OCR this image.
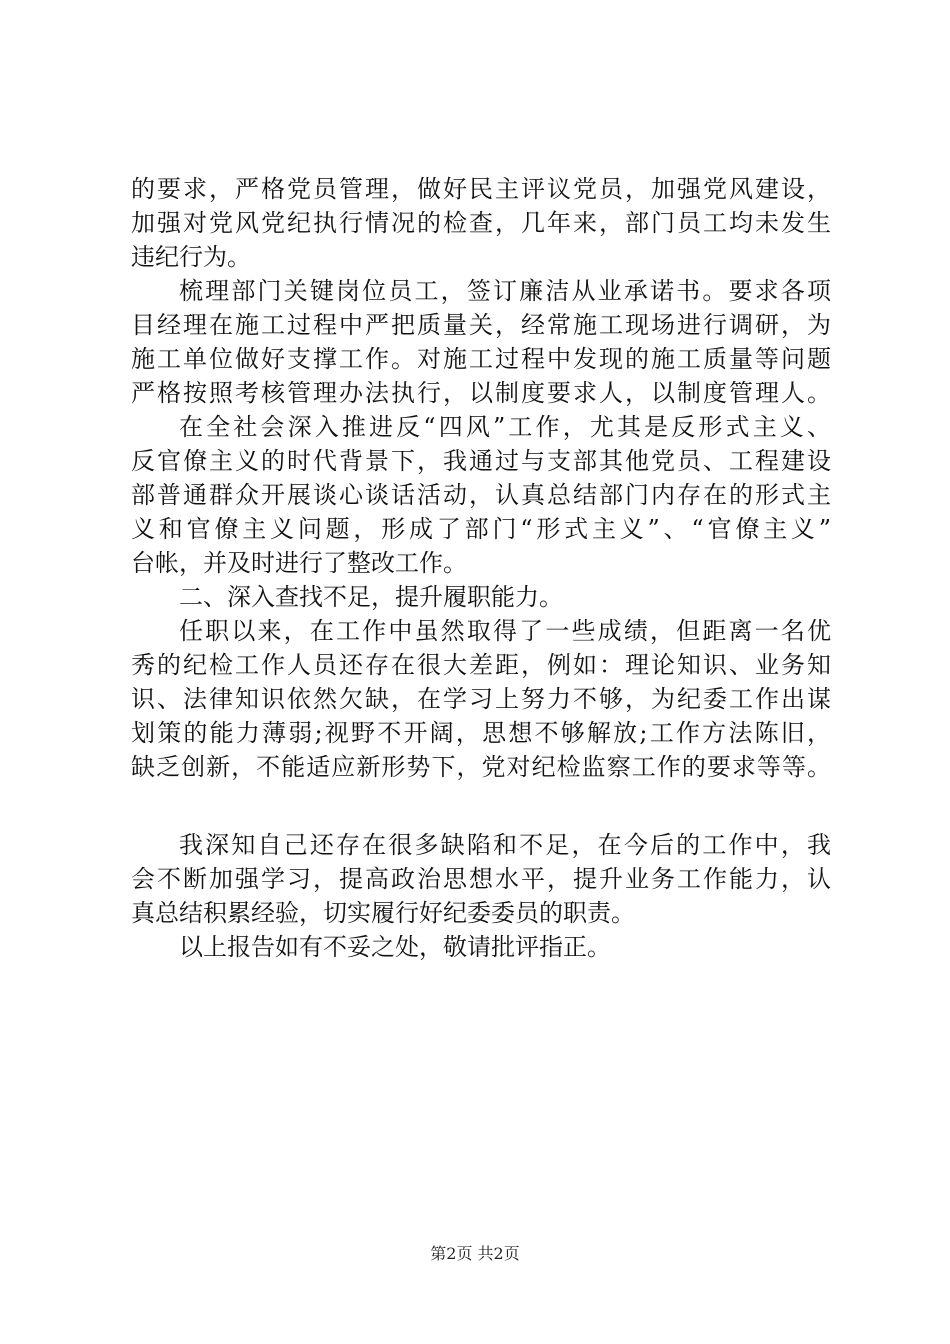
的要求，严格党员管理，做好民主评议党员，加强党风建设，
加强对党风党纪执行情况的检查，几年来，部门员工均未发生
违纪行为。
梳理部门关键岗位员工，签订廉洁从业承诺书。要求各项
目经理在施工过程中严把质量关，经常施工现场进行调研，为
施工单位做好支撑工作。对施工过程中发现的施工质量等问题
严格按照考核管理办法执行，以制度要求人，以制度管理人。
在全社会深入推进反“四风”工作，尤其是反形式主义、
反官僚主义的时代背景下，我通过与支部其他党员、工程建设
部普通群众开展谈心谈话活动，认真总结部门内存在的形式主
义和官僚主义问题，形成了部门“形式主义”、“官僚主义”
台帐，并及时进行了整改工作。
二、深入查找不足，提升履职能力。
任职以来，在工作中虽然取得了一些成绩，但距离一名优
秀的纪检工作人员还存在很大差距，例如：理论知识、业务知
识、法律知识依然欠缺，在学习上努力不够，为纪委工作出谋
划策的能力薄弱;视野不开阔，思想不够解放;工作方法陈旧，
缺乏创新，不能适应新形势下，党对纪检监察工作的要求等等。
我深知自己还存在很多缺陷和不足，在今后的工作中，我
会不断加强学习，提高政治思想水平，提升业务工作能力，认
真总结积累经验，切实履行好纪委委员的职责。
以上报告如有不妥之处，敬请批评指正。
第2页 共2页
